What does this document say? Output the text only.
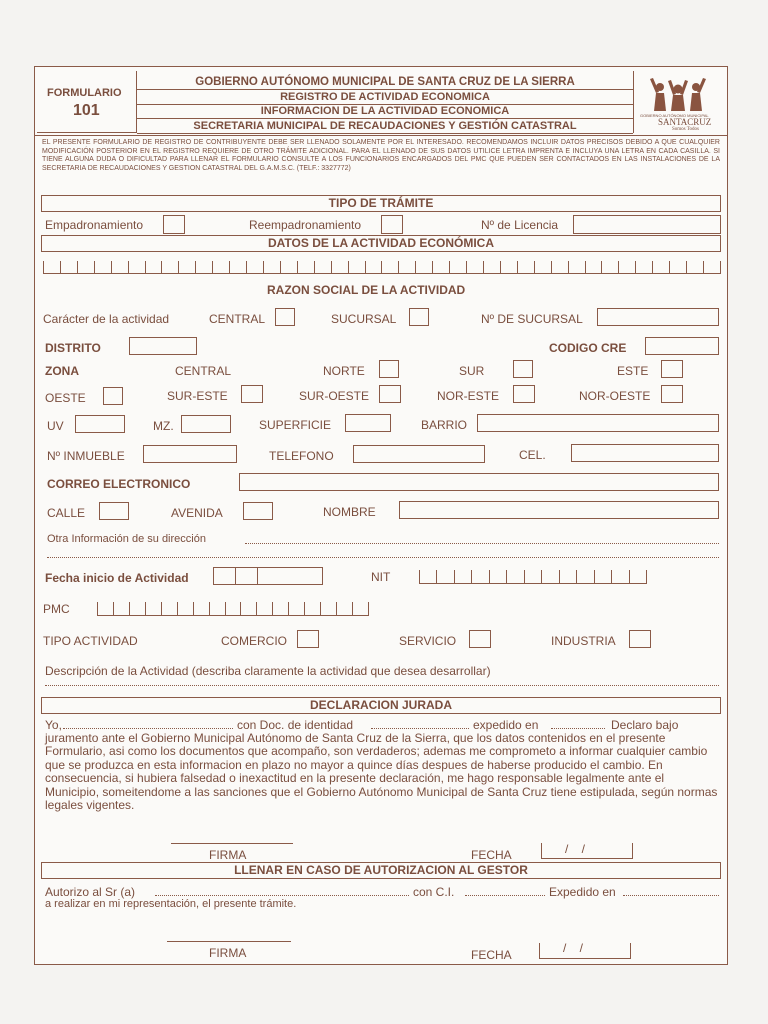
FORMULARIO
101
GOBIERNO AUTÓNOMO MUNICIPAL DE SANTA CRUZ DE LA SIERRA
REGISTRO DE ACTIVIDAD ECONOMICA
INFORMACION DE LA ACTIVIDAD ECONOMICA
SECRETARIA MUNICIPAL DE RECAUDACIONES Y GESTIÓN CATASTRAL
GOBIERNO AUTÓNOMO MUNICIPAL
SANTACRUZ
Somos Todos
EL PRESENTE FORMULARIO DE REGISTRO DE CONTRIBUYENTE DEBE SER LLENADO SOLAMENTE POR EL INTERESADO. RECOMENDAMOS INCLUIR DATOS PRECISOS DEBIDO A QUE CUALQUIER MODIFICACIÓN POSTERIOR EN EL REGISTRO REQUIERE DE OTRO TRÁMITE ADICIONAL. PARA EL LLENADO DE SUS DATOS UTILICE LETRA IMPRENTA E INCLUYA UNA LETRA EN CADA CASILLA. SI TIENE ALGUNA DUDA O DIFICULTAD PARA LLENAR EL FORMULARIO CONSULTE A LOS FUNCIONARIOS ENCARGADOS DEL PMC QUE PUEDEN SER CONTACTADOS EN LAS INSTALACIONES DE LA SECRETARIA DE RECAUDACIONES Y GESTION CATASTRAL DEL G.A.M.S.C. (TELF.: 3327772)
TIPO DE TRÁMITE
Empadronamiento	Reempadronamiento	Nº de Licencia
DATOS DE LA ACTIVIDAD ECONÓMICA
RAZON SOCIAL DE LA ACTIVIDAD
Carácter de la actividad	CENTRAL	SUCURSAL	Nº DE SUCURSAL
DISTRITO	CODIGO CRE
ZONA	CENTRAL	NORTE	SUR	ESTE
OESTE	SUR-ESTE	SUR-OESTE	NOR-ESTE	NOR-OESTE
UV	MZ.	SUPERFICIE	BARRIO
Nº INMUEBLE	TELEFONO	CEL.
CORREO ELECTRONICO
CALLE	AVENIDA	NOMBRE
Otra Información de su dirección
Fecha inicio de Actividad	NIT
PMC
TIPO ACTIVIDAD	COMERCIO	SERVICIO	INDUSTRIA
Descripción de la Actividad (describa claramente la actividad que desea desarrollar)
DECLARACION JURADA
Yo,	con Doc. de identidad	expedido en	Declaro bajo
juramento ante el Gobierno Municipal Autónomo de Santa Cruz de la Sierra, que los datos contenidos en el presente Formulario, asi como los documentos que acompaño, son verdaderos; ademas me comprometo a informar cualquier cambio que se produzca en esta informacion en plazo no mayor a quince días despues de haberse producido el cambio. En consecuencia, si hubiera falsedad o inexactitud en la presente declaración, me hago responsable legalmente ante el Municipio, someitendome a las sanciones que el Gobierno Autónomo Municipal de Santa Cruz tiene estipulada, según normas legales vigentes.
FIRMA	FECHA	/    /
LLENAR EN CASO DE AUTORIZACION AL GESTOR
Autorizo al Sr (a)	con C.I.	Expedido en
a realizar en mi representación, el presente trámite.
FIRMA	FECHA	/    /
